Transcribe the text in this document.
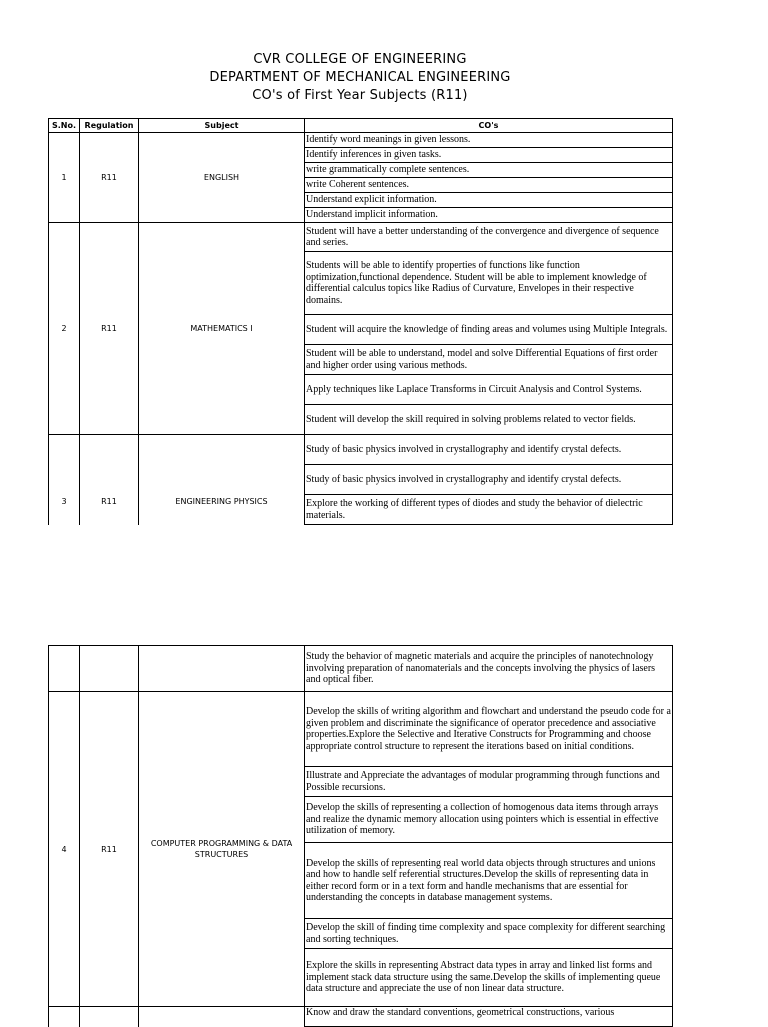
CVR COLLEGE OF ENGINEERING
DEPARTMENT OF MECHANICAL ENGINEERING
CO's of First Year Subjects (R11)
S.No.	Regulation	Subject	CO's
1	R11	ENGLISH	Identify word meanings in given lessons.
			Identify inferences in given tasks.
			write grammatically complete sentences.
			write Coherent sentences.
			Understand explicit information.
			Understand implicit information.
2	R11	MATHEMATICS I	Student will have a better understanding of the convergence and divergence of sequence and series.
			Students will be able to identify properties of functions like function optimization,functional dependence. Student will be able to implement knowledge of differential calculus topics like Radius of Curvature, Envelopes in their respective domains.
			Student will acquire the knowledge of finding areas and volumes using Multiple Integrals.
			Student will be able to understand, model and solve Differential Equations of first order and higher order using various methods.
			Apply techniques like Laplace Transforms in Circuit Analysis and Control Systems.
			Student will develop the skill required in solving problems related to vector fields.
3	R11	ENGINEERING PHYSICS	Study of basic physics involved in crystallography and identify crystal defects.
			Study of basic physics involved in crystallography and identify crystal defects.
			Explore the working of different types of diodes and study the behavior of dielectric materials.
			Study the behavior of magnetic materials and acquire the principles of nanotechnology involving preparation of nanomaterials and the concepts involving the physics of lasers and optical fiber.
4	R11	COMPUTER PROGRAMMING & DATA STRUCTURES	Develop the skills of writing algorithm and flowchart and understand the pseudo code for a given problem and discriminate the significance of operator precedence and associative properties.Explore the Selective and Iterative Constructs for Programming and choose appropriate control structure to represent the iterations based on initial conditions.
			Illustrate and Appreciate the advantages of modular programming through functions and Possible recursions.
			Develop the skills of representing a collection of homogenous data items through arrays and realize the dynamic memory allocation using pointers which is essential in effective utilization of memory.
			Develop the skills of representing real world data objects through structures and unions and how to handle self referential structures.Develop the skills of representing data in either record form or in a text form and handle mechanisms that are essential for understanding the concepts in database management systems.
			Develop the skill of finding time complexity and space complexity for different searching and sorting techniques.
			Explore the skills in representing Abstract data types in array and linked list forms and implement stack data structure using the same.Develop the skills of implementing queue data structure and appreciate the use of non linear data structure.
			Know and draw the standard conventions, geometrical constructions, various
